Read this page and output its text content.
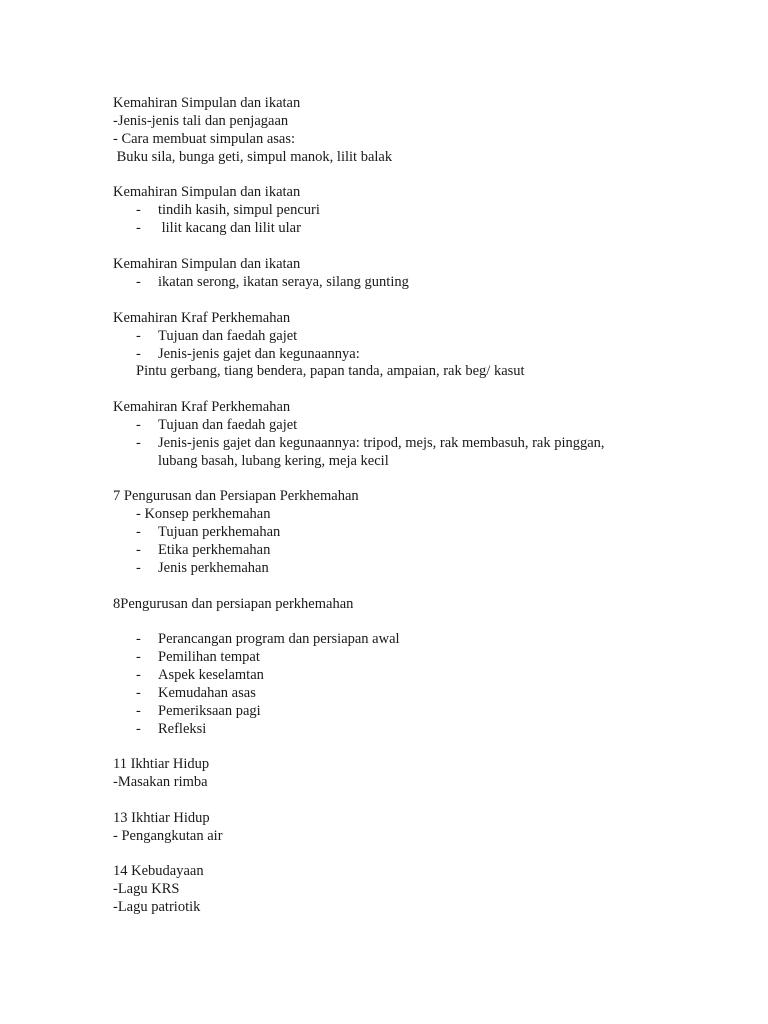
Kemahiran Simpulan dan ikatan
-Jenis-jenis tali dan penjagaan
- Cara membuat simpulan asas:
Buku sila, bunga geti, simpul manok, lilit balak
Kemahiran Simpulan dan ikatan
-	tindih kasih, simpul pencuri
-	lilit kacang dan lilit ular
Kemahiran Simpulan dan ikatan
-	ikatan serong, ikatan seraya, silang gunting
Kemahiran Kraf Perkhemahan
-	Tujuan dan faedah gajet
-	Jenis-jenis gajet dan kegunaannya:
Pintu gerbang, tiang bendera, papan tanda, ampaian, rak beg/ kasut
Kemahiran Kraf Perkhemahan
-	Tujuan dan faedah gajet
-	Jenis-jenis gajet dan kegunaannya: tripod, mejs, rak membasuh, rak pinggan,
lubang basah, lubang kering, meja kecil
7 Pengurusan dan Persiapan Perkhemahan
- Konsep perkhemahan
-	Tujuan perkhemahan
-	Etika perkhemahan
-	Jenis perkhemahan
8Pengurusan dan persiapan perkhemahan
-	Perancangan program dan persiapan awal
-	Pemilihan tempat
-	Aspek keselamtan
-	Kemudahan asas
-	Pemeriksaan pagi
-	Refleksi
11 Ikhtiar Hidup
-Masakan rimba
13 Ikhtiar Hidup
- Pengangkutan air
14 Kebudayaan
-Lagu KRS
-Lagu patriotik
